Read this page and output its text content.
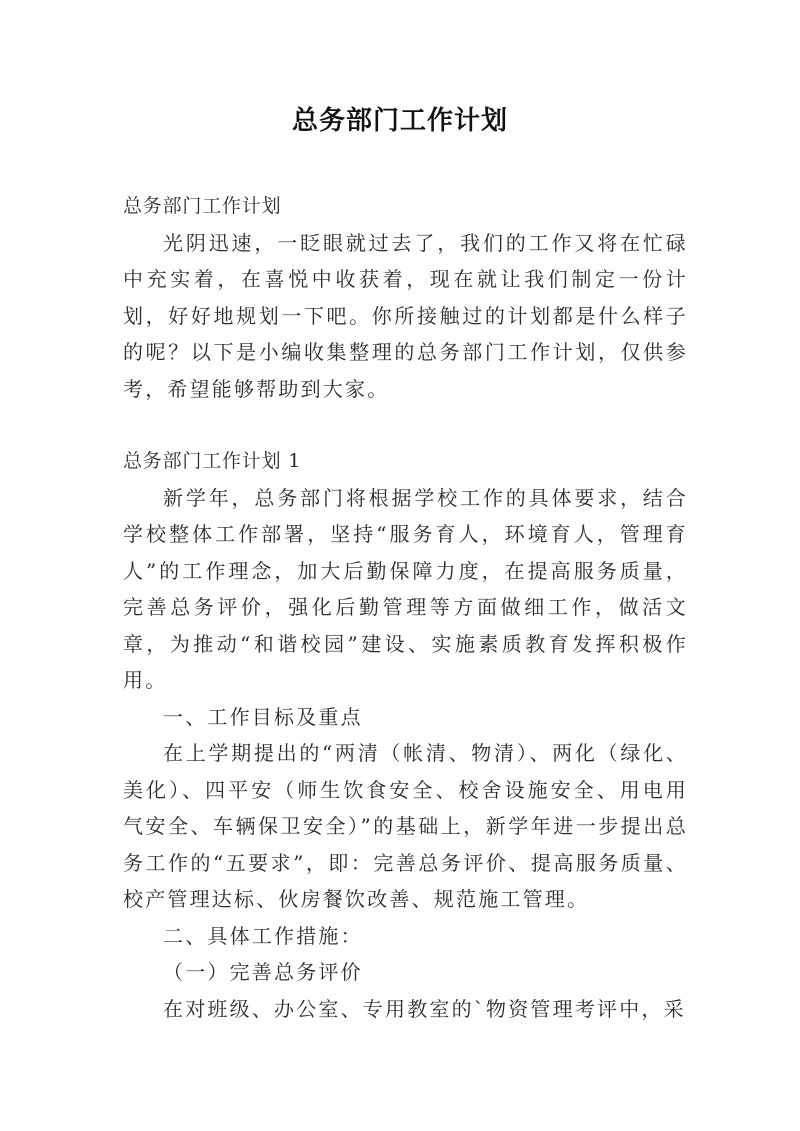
总务部门工作计划

总务部门工作计划

光阴迅速，一眨眼就过去了，我们的工作又将在忙碌中充实着，在喜悦中收获着，现在就让我们制定一份计划，好好地规划一下吧。你所接触过的计划都是什么样子的呢？以下是小编收集整理的总务部门工作计划，仅供参考，希望能够帮助到大家。

总务部门工作计划 1

新学年，总务部门将根据学校工作的具体要求，结合学校整体工作部署，坚持“服务育人，环境育人，管理育人”的工作理念，加大后勤保障力度，在提高服务质量，完善总务评价，强化后勤管理等方面做细工作，做活文章，为推动“和谐校园”建设、实施素质教育发挥积极作用。

一、工作目标及重点

在上学期提出的“两清（帐清、物清）、两化（绿化、美化）、四平安（师生饮食安全、校舍设施安全、用电用气安全、车辆保卫安全）”的基础上，新学年进一步提出总务工作的“五要求”，即：完善总务评价、提高服务质量、校产管理达标、伙房餐饮改善、规范施工管理。

二、具体工作措施：

（一）完善总务评价

在对班级、办公室、专用教室的`物资管理考评中，采
